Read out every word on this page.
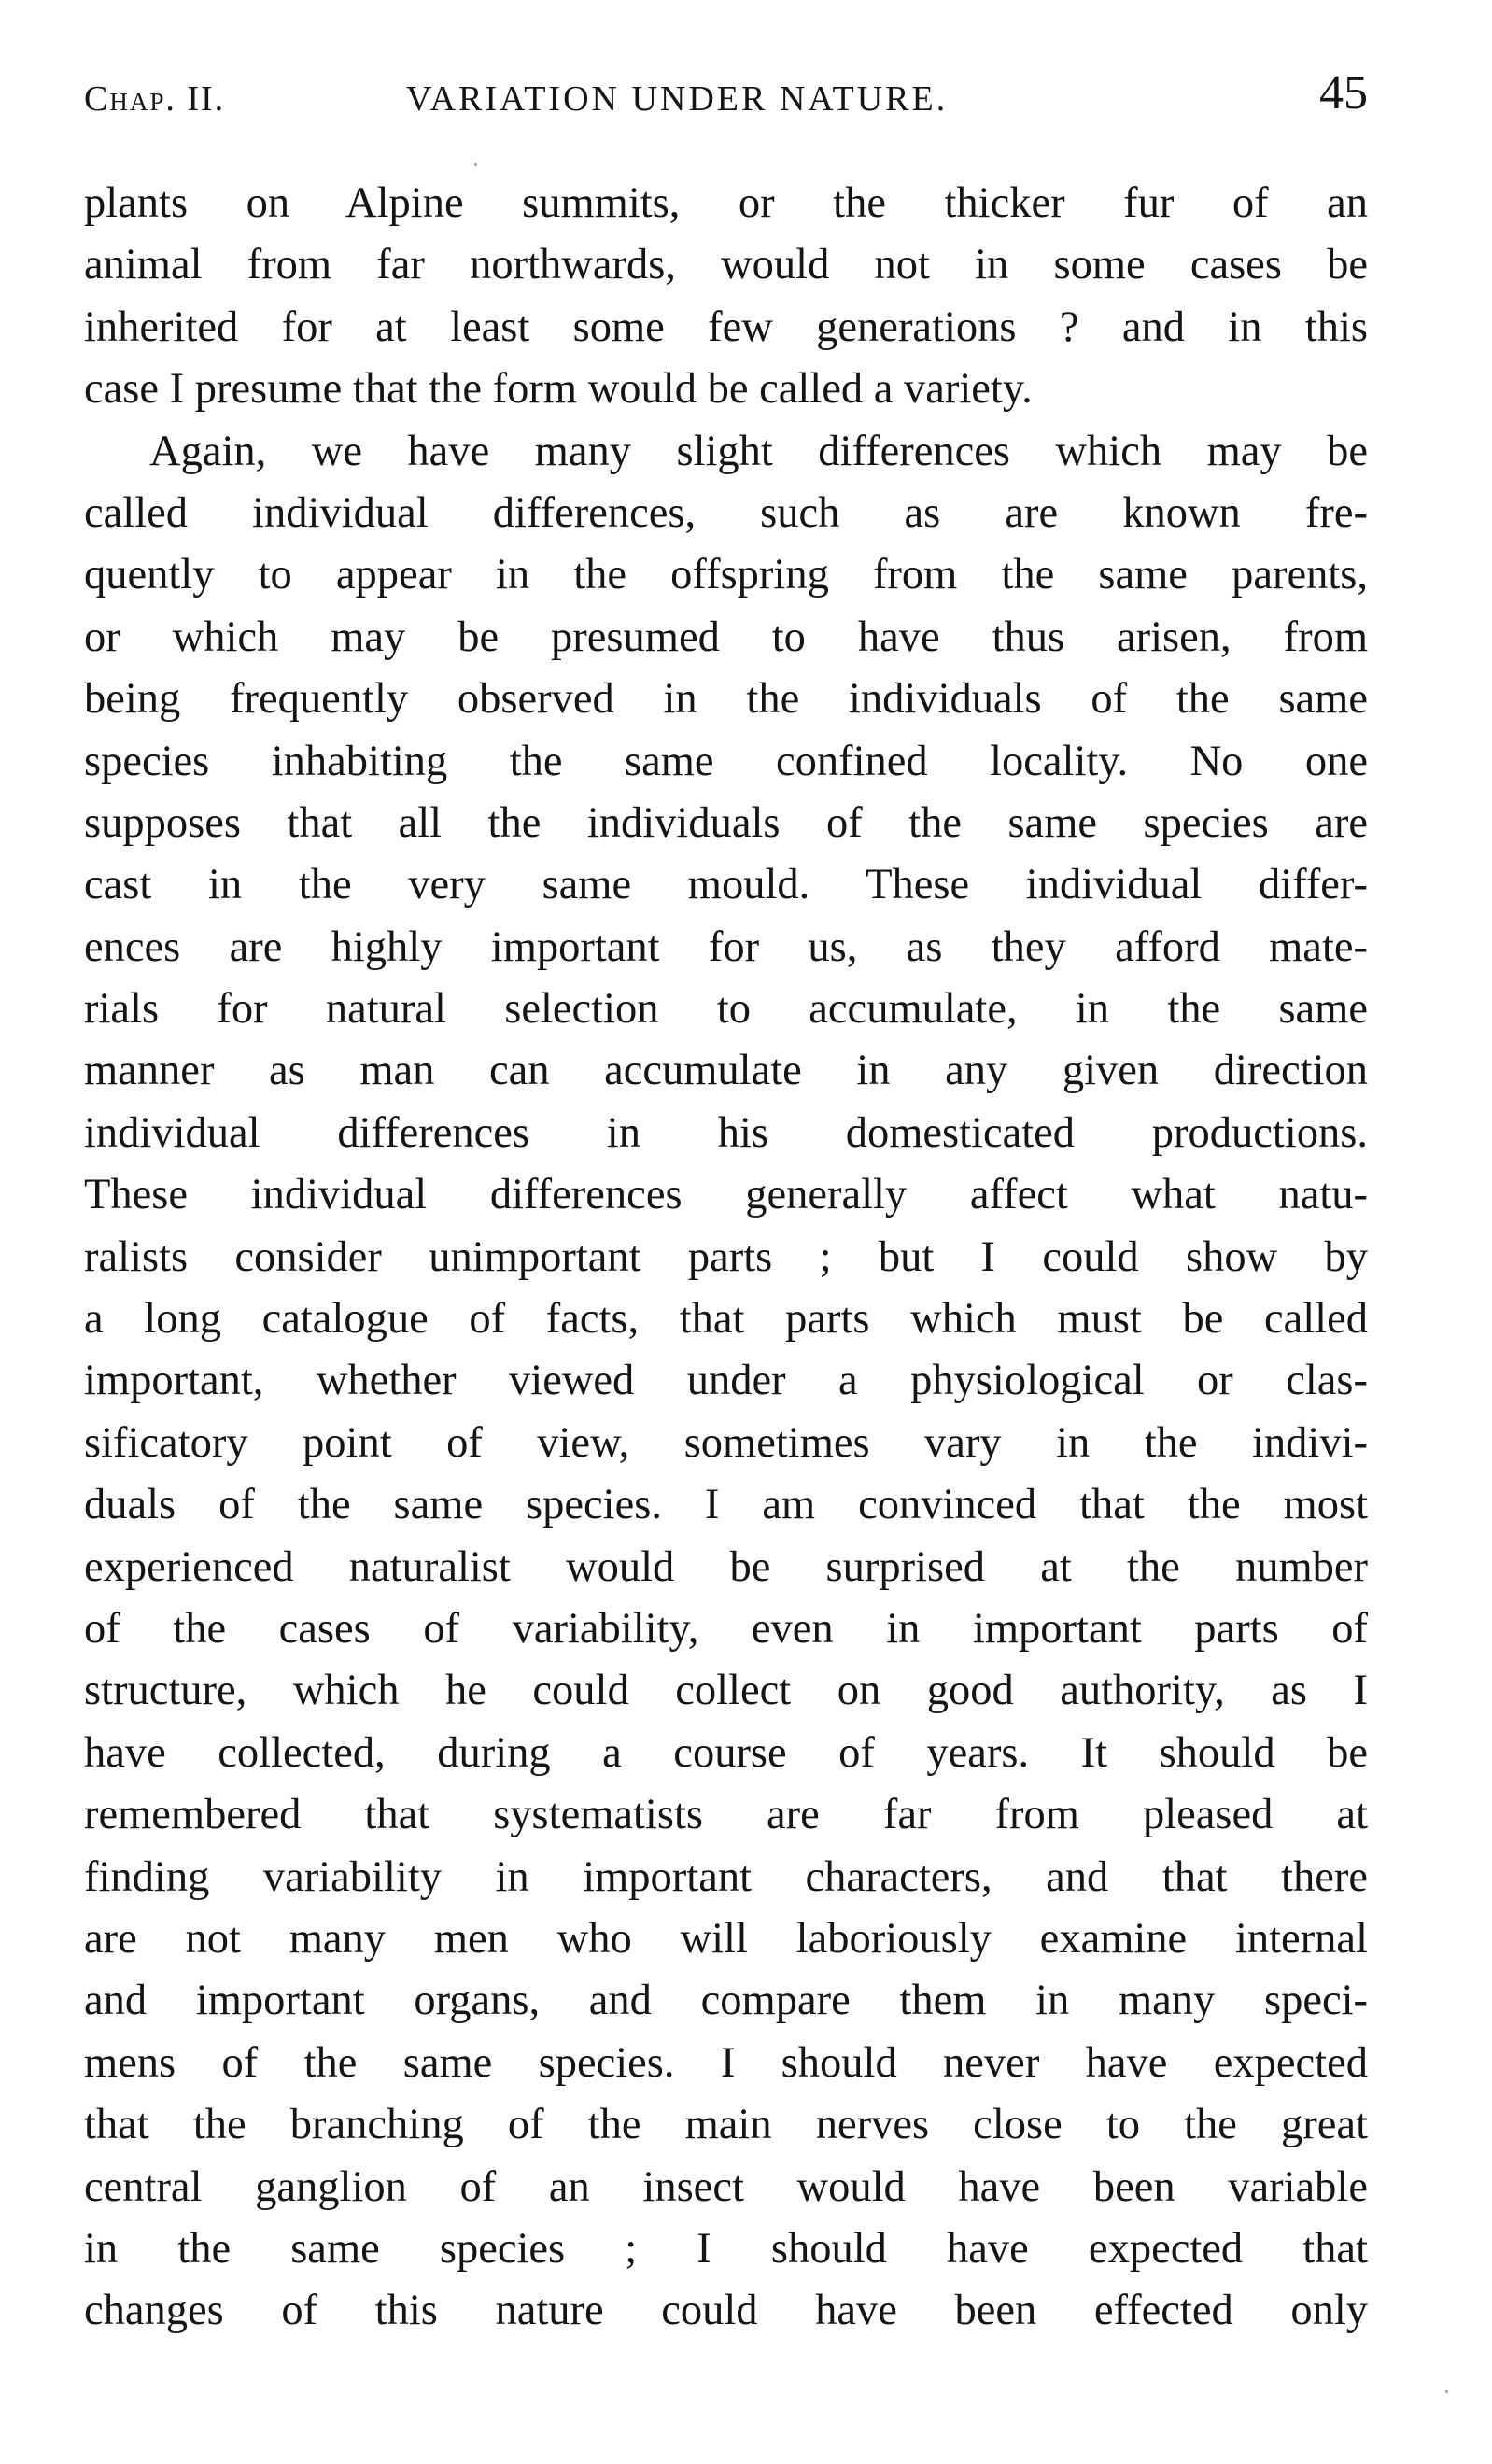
Chap. II.	VARIATION UNDER NATURE.	45
plants on Alpine summits, or the thicker fur of an
animal from far northwards, would not in some cases be
inherited for at least some few generations ? and in this
case I presume that the form would be called a variety.
Again, we have many slight differences which may be
called individual differences, such as are known fre-
quently to appear in the offspring from the same parents,
or which may be presumed to have thus arisen, from
being frequently observed in the individuals of the same
species inhabiting the same confined locality. No one
supposes that all the individuals of the same species are
cast in the very same mould. These individual differ-
ences are highly important for us, as they afford mate-
rials for natural selection to accumulate, in the same
manner as man can accumulate in any given direction
individual differences in his domesticated productions.
These individual differences generally affect what natu-
ralists consider unimportant parts ; but I could show by
a long catalogue of facts, that parts which must be called
important, whether viewed under a physiological or clas-
sificatory point of view, sometimes vary in the indivi-
duals of the same species. I am convinced that the most
experienced naturalist would be surprised at the number
of the cases of variability, even in important parts of
structure, which he could collect on good authority, as I
have collected, during a course of years. It should be
remembered that systematists are far from pleased at
finding variability in important characters, and that there
are not many men who will laboriously examine internal
and important organs, and compare them in many speci-
mens of the same species. I should never have expected
that the branching of the main nerves close to the great
central ganglion of an insect would have been variable
in the same species ; I should have expected that
changes of this nature could have been effected only
